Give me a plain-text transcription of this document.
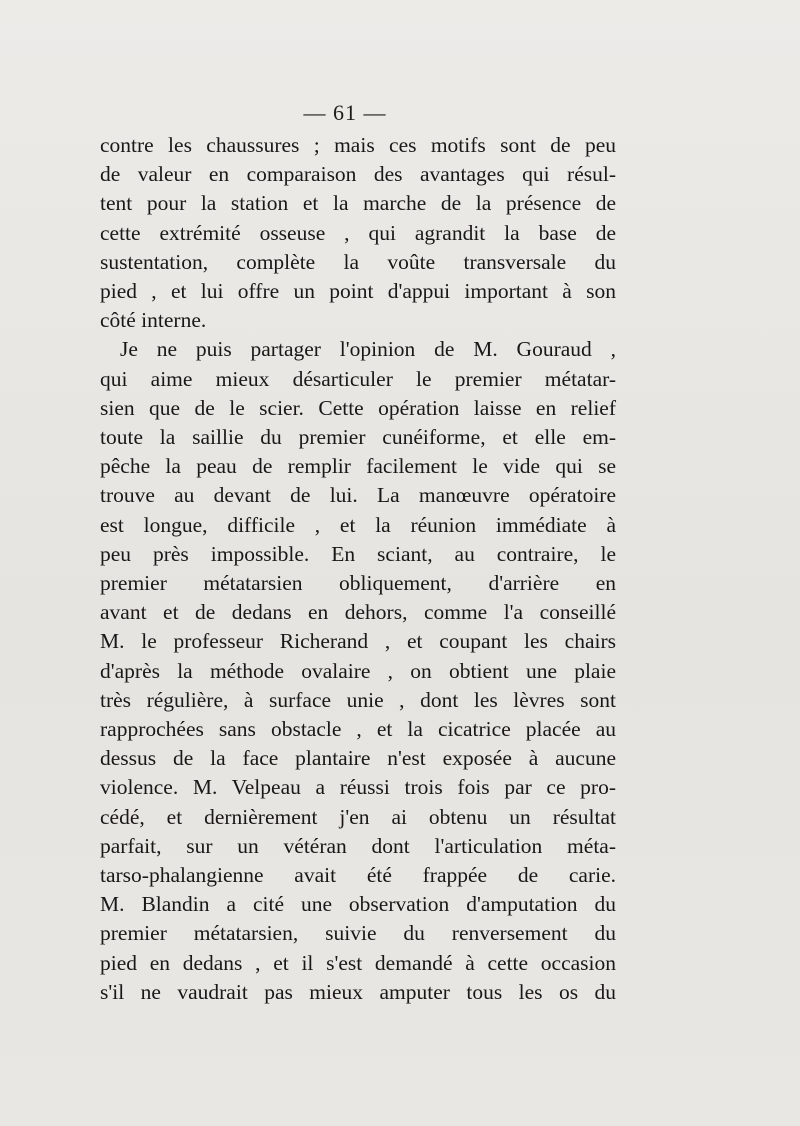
— 61 —
contre les chaussures ; mais ces motifs sont de peu
de valeur en comparaison des avantages qui résul-
tent pour la station et la marche de la présence de
cette extrémité osseuse , qui agrandit la base de
sustentation, complète la voûte transversale du
pied , et lui offre un point d'appui important à son
côté interne.
Je ne puis partager l'opinion de M. Gouraud ,
qui aime mieux désarticuler le premier métatar-
sien que de le scier. Cette opération laisse en relief
toute la saillie du premier cunéiforme, et elle em-
pêche la peau de remplir facilement le vide qui se
trouve au devant de lui. La manœuvre opératoire
est longue, difficile , et la réunion immédiate à
peu près impossible. En sciant, au contraire, le
premier métatarsien obliquement, d'arrière en
avant et de dedans en dehors, comme l'a conseillé
M. le professeur Richerand , et coupant les chairs
d'après la méthode ovalaire , on obtient une plaie
très régulière, à surface unie , dont les lèvres sont
rapprochées sans obstacle , et la cicatrice placée au
dessus de la face plantaire n'est exposée à aucune
violence. M. Velpeau a réussi trois fois par ce pro-
cédé, et dernièrement j'en ai obtenu un résultat
parfait, sur un vétéran dont l'articulation méta-
tarso-phalangienne avait été frappée de carie.
M. Blandin a cité une observation d'amputation du
premier métatarsien, suivie du renversement du
pied en dedans , et il s'est demandé à cette occasion
s'il ne vaudrait pas mieux amputer tous les os du
